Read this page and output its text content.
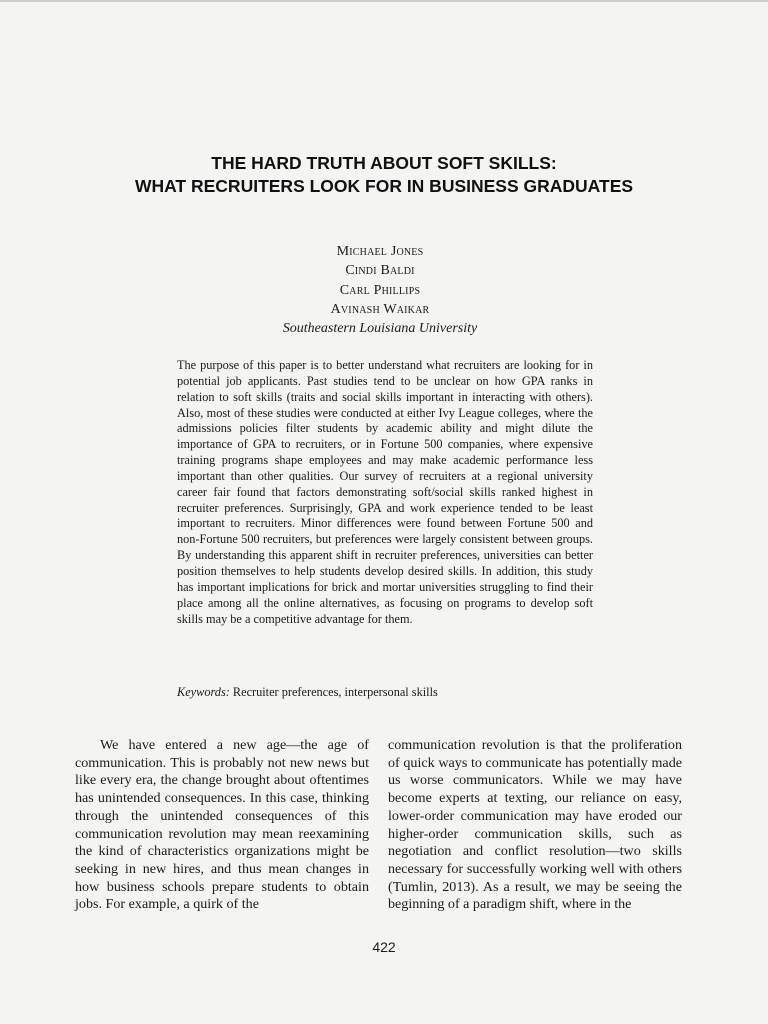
THE HARD TRUTH ABOUT SOFT SKILLS:
WHAT RECRUITERS LOOK FOR IN BUSINESS GRADUATES
Michael Jones
Cindi Baldi
Carl Phillips
Avinash Waikar
Southeastern Louisiana University

The purpose of this paper is to better understand what recruiters are looking for in potential job applicants. Past studies tend to be unclear on how GPA ranks in relation to soft skills (traits and social skills important in interacting with others). Also, most of these studies were conducted at either Ivy League colleges, where the admissions policies filter students by academic ability and might dilute the importance of GPA to recruiters, or in Fortune 500 companies, where expensive training programs shape employees and may make academic performance less important than other qualities. Our survey of recruiters at a regional university career fair found that factors demonstrating soft/social skills ranked highest in recruiter preferences. Surprisingly, GPA and work experience tended to be least important to recruiters. Minor differences were found between Fortune 500 and non-Fortune 500 recruiters, but preferences were largely consistent between groups. By understanding this apparent shift in recruiter preferences, universities can better position themselves to help students develop desired skills. In addition, this study has important implications for brick and mortar universities struggling to find their place among all the online alternatives, as focusing on programs to develop soft skills may be a competitive advantage for them.

Keywords: Recruiter preferences, interpersonal skills

We have entered a new age—the age of communication. This is probably not new news but like every era, the change brought about oftentimes has unintended consequences. In this case, thinking through the unintended consequences of this communication revolution may mean reexamining the kind of characteristics organizations might be seeking in new hires, and thus mean changes in how business schools prepare students to obtain jobs. For example, a quirk of the

communication revolution is that the proliferation of quick ways to communicate has potentially made us worse communicators. While we may have become experts at texting, our reliance on easy, lower-order communication may have eroded our higher-order communication skills, such as negotiation and conflict resolution—two skills necessary for successfully working well with others (Tumlin, 2013). As a result, we may be seeing the beginning of a paradigm shift, where in the

422
